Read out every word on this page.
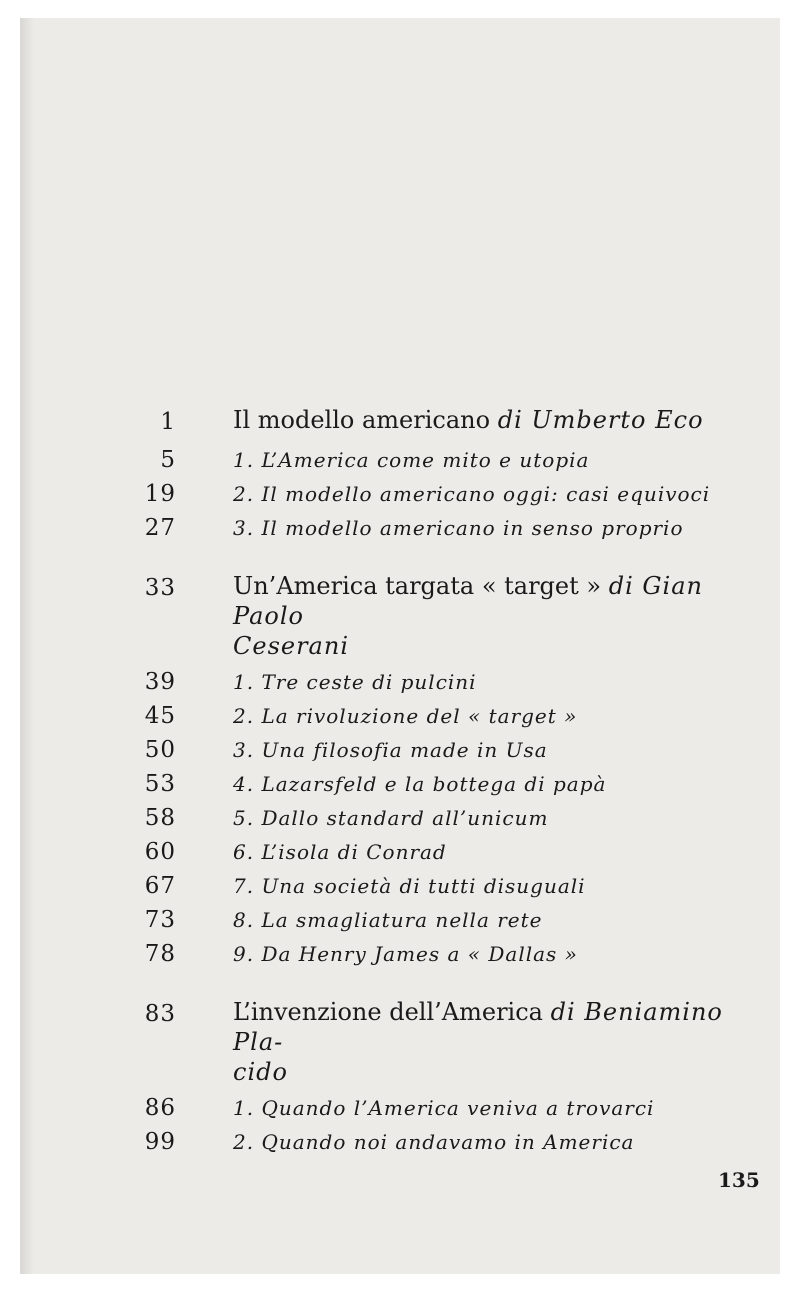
1 Il modello americano di Umberto Eco
5	1. L’America come mito e utopia
19	2. Il modello americano oggi: casi equivoci
27	3. Il modello americano in senso proprio
33 Un’America targata « target » di Gian Paolo
Ceserani
39	1. Tre ceste di pulcini
45	2. La rivoluzione del « target »
50	3. Una filosofia made in Usa
53	4. Lazarsfeld e la bottega di papà
58	5. Dallo standard all’unicum
60	6. L’isola di Conrad
67	7. Una società di tutti disuguali
73	8. La smagliatura nella rete
78	9. Da Henry James a « Dallas »
83 L’invenzione dell’America di Beniamino Pla-
cido
86	1. Quando l’America veniva a trovarci
99	2. Quando noi andavamo in America
135
